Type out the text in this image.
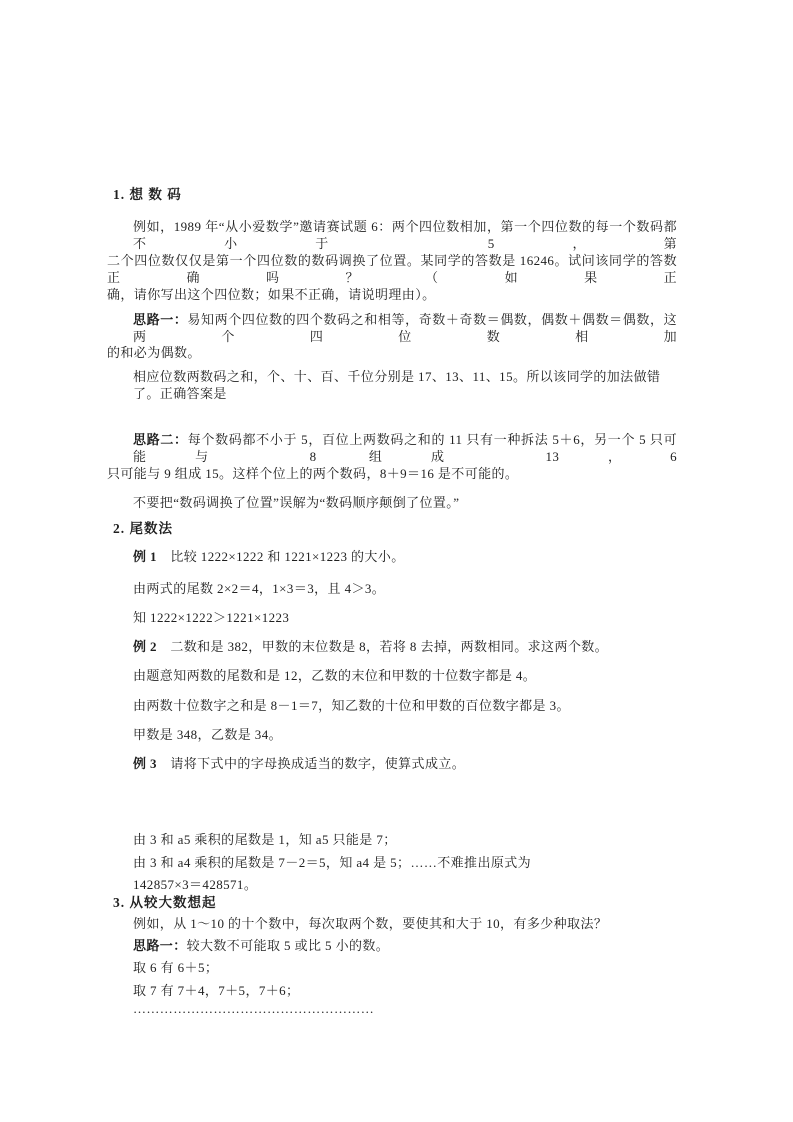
1. 想 数 码
例如，1989 年“从小爱数学”邀请赛试题 6：两个四位数相加，第一个四位数的每一个数码都不小于 5，第
二个四位数仅仅是第一个四位数的数码调换了位置。某同学的答数是 16246。试问该同学的答数正确吗？（如果正
确，请你写出这个四位数；如果不正确，请说明理由）。
思路一：易知两个四位数的四个数码之和相等，奇数＋奇数＝偶数，偶数＋偶数＝偶数，这两个四位数相加
的和必为偶数。
相应位数两数码之和，个、十、百、千位分别是 17、13、11、15。所以该同学的加法做错了。正确答案是
思路二：每个数码都不小于 5，百位上两数码之和的 11 只有一种拆法 5＋6，另一个 5 只可能与 8 组成 13，6
只可能与 9 组成 15。这样个位上的两个数码，8＋9＝16 是不可能的。
不要把“数码调换了位置”误解为“数码顺序颠倒了位置。”
2. 尾数法
例 1　比较 1222×1222 和 1221×1223 的大小。
由两式的尾数 2×2＝4，1×3＝3，且 4＞3。
知 1222×1222＞1221×1223
例 2　二数和是 382，甲数的末位数是 8，若将 8 去掉，两数相同。求这两个数。
由题意知两数的尾数和是 12，乙数的末位和甲数的十位数字都是 4。
由两数十位数字之和是 8－1＝7，知乙数的十位和甲数的百位数字都是 3。
甲数是 348，乙数是 34。
例 3　请将下式中的字母换成适当的数字，使算式成立。
由 3 和 a5 乘积的尾数是 1，知 a5 只能是 7；
由 3 和 a4 乘积的尾数是 7－2＝5，知 a4 是 5；……不难推出原式为
142857×3＝428571。
3. 从较大数想起
例如，从 1～10 的十个数中，每次取两个数，要使其和大于 10，有多少种取法？
思路一：较大数不可能取 5 或比 5 小的数。
取 6 有 6＋5；
取 7 有 7＋4，7＋5，7＋6；
………………………………………………
